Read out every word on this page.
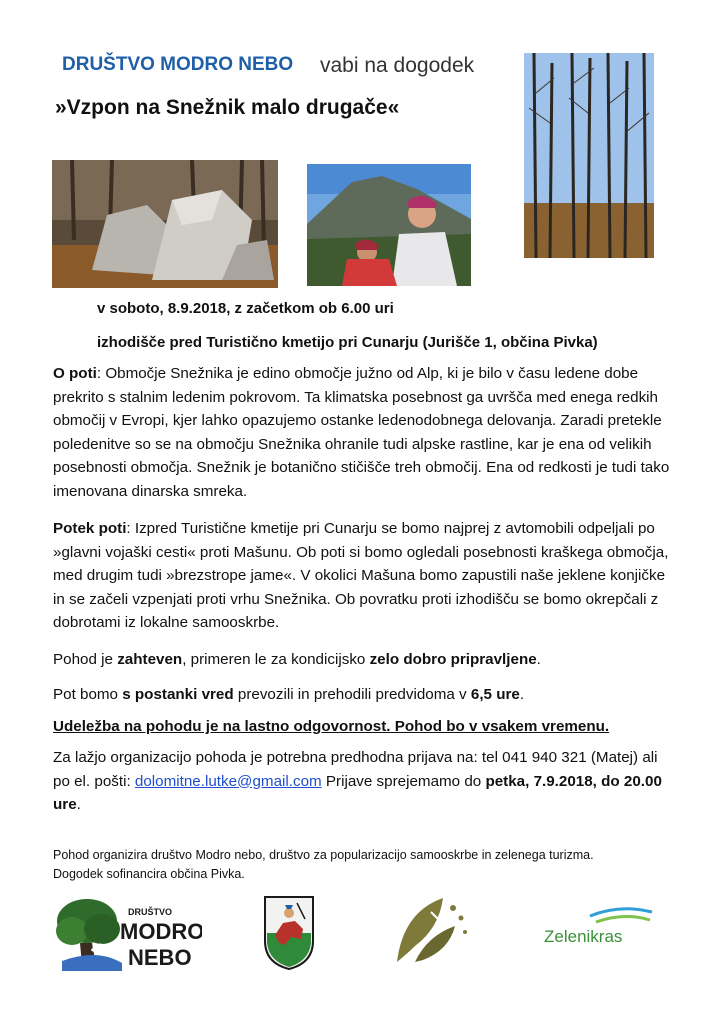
DRUŠTVO MODRO NEBO vabi na dogodek
»Vzpon na Snežnik malo drugače«
v soboto, 8.9.2018, z začetkom ob 6.00 uri
izhodišče pred Turistično kmetijo pri Cunarju (Jurišče 1, občina Pivka)
O poti: Območje Snežnika je edino območje južno od Alp, ki je bilo v času ledene dobe prekrito s stalnim ledenim pokrovom. Ta klimatska posebnost ga uvršča med enega redkih območij v Evropi, kjer lahko opazujemo ostanke ledenodobnega delovanja. Zaradi pretekle poledenitve so se na območju Snežnika ohranile tudi alpske rastline, kar je ena od velikih posebnosti območja. Snežnik je botanično stičišče treh območij. Ena od redkosti je tudi tako imenovana dinarska smreka.
Potek poti: Izpred Turistične kmetije pri Cunarju se bomo najprej z avtomobili odpeljali po »glavni vojaški cesti« proti Mašunu. Ob poti si bomo ogledali posebnosti kraškega območja, med drugim tudi »brezstrope jame«. V okolici Mašuna bomo zapustili naše jeklene konjičke in se začeli vzpenjati proti vrhu Snežnika. Ob povratku proti izhodišču se bomo okrepčali z dobrotami iz lokalne samooskrbe.
Pohod je zahteven, primeren le za kondicijsko zelo dobro pripravljene.
Pot bomo s postanki vred prevozili in prehodili predvidoma v 6,5 ure.
Udeležba na pohodu je na lastno odgovornost. Pohod bo v vsakem vremenu.
Za lažjo organizacijo pohoda je potrebna predhodna prijava na: tel 041 940 321 (Matej) ali po el. pošti: dolomitne.lutke@gmail.com Prijave sprejemamo do petka, 7.9.2018, do 20.00 ure.
Pohod organizira društvo Modro nebo, društvo za popularizacijo samooskrbe in zelenega turizma.
Dogodek sofinancira občina Pivka.
DRUŠTVO
MODRO
NEBO
Zelenikras
